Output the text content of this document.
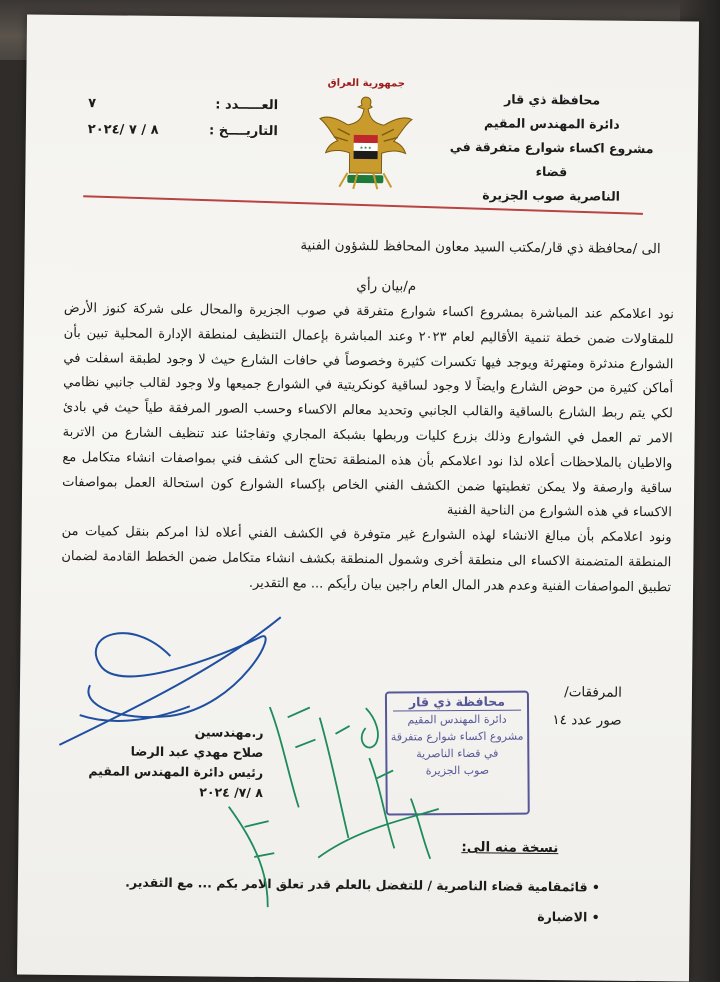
محافظة ذي قار
دائرة المهندس المقيم
مشروع اكساء شوارع متفرقة في قضاء
الناصرية صوب الجزيرة
جمهورية العراق
✶✶✶
العـــــدد :
٧
التاريــــخ :
٨ / ٧ /٢٠٢٤
الى /محافظة ذي قار/مكتب السيد معاون المحافظ للشؤون الفنية
م/بيان رأي

نود اعلامكم عند المباشرة بمشروع اكساء شوارع متفرقة في صوب الجزيرة والمحال على شركة كنوز الأرض للمقاولات ضمن خطة تنمية الأقاليم لعام ٢٠٢٣ وعند المباشرة بإعمال التنظيف لمنطقة الإدارة المحلية تبين بأن الشوارع مندثرة ومتهرئة ويوجد فيها تكسرات كثيرة وخصوصاً في حافات الشارع حيث لا وجود لطبقة اسفلت في أماكن كثيرة من حوض الشارع وايضاً لا وجود لساقية كونكريتية في الشوارع جميعها ولا وجود لقالب جانبي نظامي لكي يتم ربط الشارع بالساقية والقالب الجانبي وتحديد معالم الاكساء وحسب الصور المرفقة طياً حيث في بادئ الامر تم العمل في الشوارع وذلك بزرع كليات وربطها بشبكة المجاري وتفاجئنا عند تنظيف الشارع من الاتربة والاطيان بالملاحظات أعلاه لذا نود اعلامكم بأن هذه المنطقة تحتاج الى كشف فني بمواصفات انشاء متكامل مع ساقية وارصفة ولا يمكن تغطيتها ضمن الكشف الفني الخاص بإكساء الشوارع كون استحالة العمل بمواصفات الاكساء في هذه الشوارع من الناحية الفنية

ونود اعلامكم بأن مبالغ الانشاء لهذه الشوارع غير متوفرة في الكشف الفني أعلاه لذا امركم بنقل كميات من المنطقة المتضمنة الاكساء الى منطقة أخرى وشمول المنطقة بكشف انشاء متكامل ضمن الخطط القادمة لضمان تطبيق المواصفات الفنية وعدم هدر المال العام راجين بيان رأيكم ... مع التقدير.

المرفقات/
صور عدد ١٤
محافظة ذي قار
دائرة المهندس المقيم
مشروع اكساء شوارع متفرقة
في قضاء الناصرية
صوب الجزيرة
ر.مهندسين
صلاح مهدي عبد الرضا
رئيس دائرة المهندس المقيم
٨ /٧/ ٢٠٢٤
نسخة منه الى:
• قائمقامية قضاء الناصرية / للتفضل بالعلم قدر تعلق الامر بكم ... مع التقدير.
• الاضبارة
